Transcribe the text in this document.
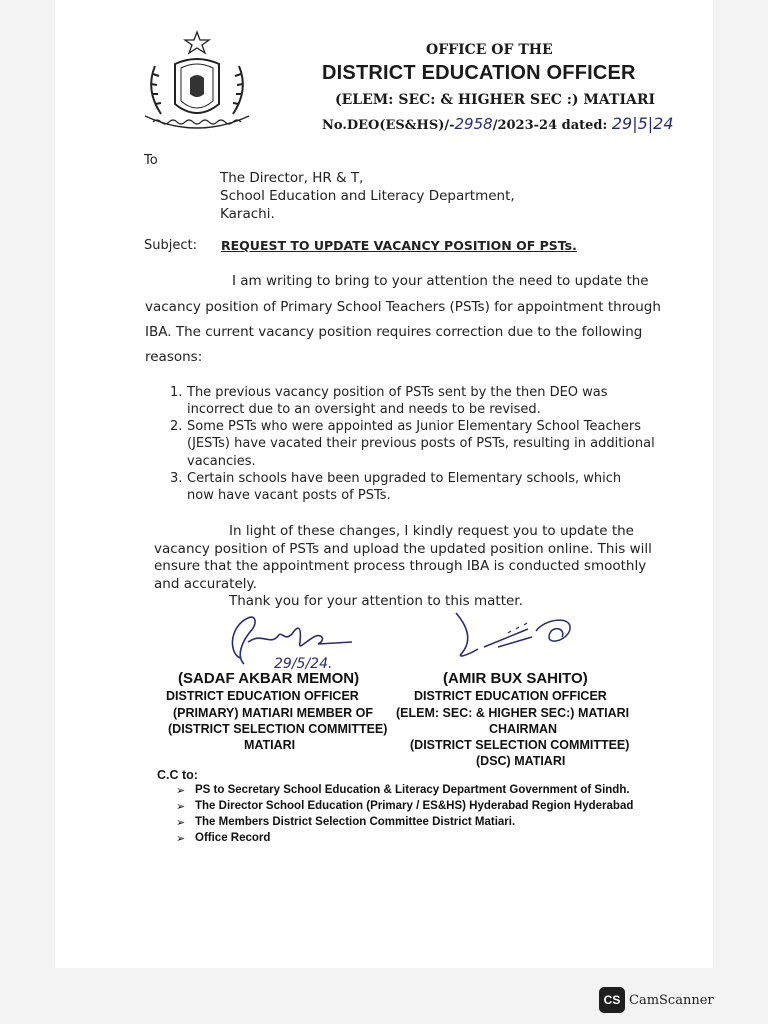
OFFICE OF THE
DISTRICT EDUCATION OFFICER
(ELEM: SEC: & HIGHER SEC :) MATIARI
No.DEO(ES&HS)/-2958/2023-24 dated: 29|5|24
To
The Director, HR & T,
School Education and Literacy Department,
Karachi.
Subject: REQUEST TO UPDATE VACANCY POSITION OF PSTs.
I am writing to bring to your attention the need to update the
vacancy position of Primary School Teachers (PSTs) for appointment through
IBA. The current vacancy position requires correction due to the following
reasons:
1. The previous vacancy position of PSTs sent by the then DEO was
incorrect due to an oversight and needs to be revised.
2. Some PSTs who were appointed as Junior Elementary School Teachers
(JESTs) have vacated their previous posts of PSTs, resulting in additional
vacancies.
3. Certain schools have been upgraded to Elementary schools, which
now have vacant posts of PSTs.
In light of these changes, I kindly request you to update the
vacancy position of PSTs and upload the updated position online. This will
ensure that the appointment process through IBA is conducted smoothly
and accurately.
Thank you for your attention to this matter.
29/5/24.
(SADAF AKBAR MEMON)
DISTRICT EDUCATION OFFICER
(PRIMARY) MATIARI MEMBER OF
(DISTRICT SELECTION COMMITTEE)
MATIARI
(AMIR BUX SAHITO)
DISTRICT EDUCATION OFFICER
(ELEM: SEC: & HIGHER SEC:) MATIARI
CHAIRMAN
(DISTRICT SELECTION COMMITTEE)
(DSC) MATIARI
C.C to:
➢ PS to Secretary School Education & Literacy Department Government of Sindh.
➢ The Director School Education (Primary / ES&HS) Hyderabad Region Hyderabad
➢ The Members District Selection Committee District Matiari.
➢ Office Record
CS CamScanner
